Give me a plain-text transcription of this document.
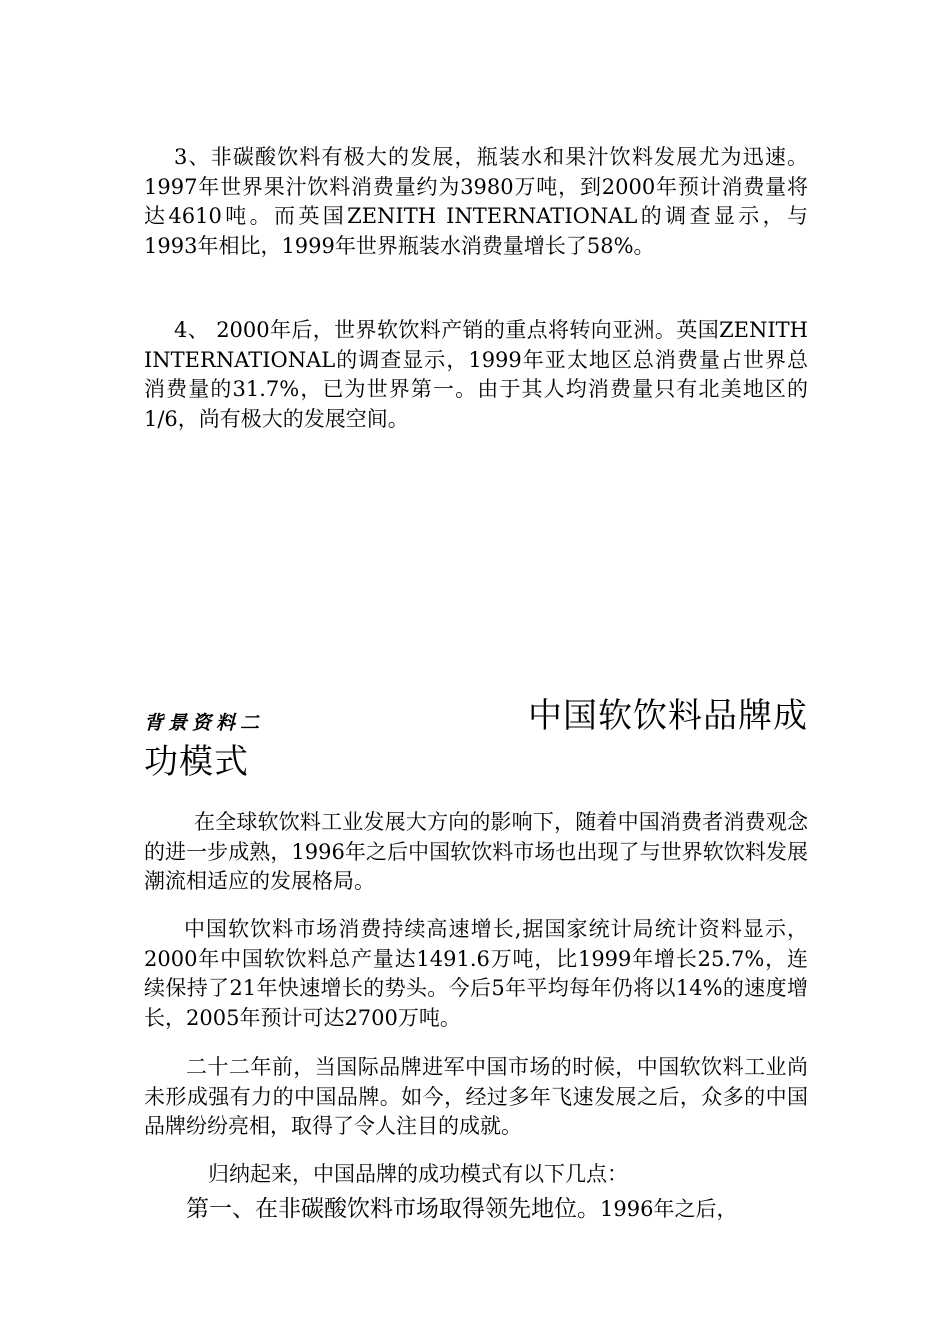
3、非碳酸饮料有极大的发展，瓶装水和果汁饮料发展尤为迅速。1997年世界果汁饮料消费量约为3980万吨，到2000年预计消费量将达4610吨。而英国ZENITH INTERNATIONAL的调查显示，与1993年相比，1999年世界瓶装水消费量增长了58%。

4、 2000年后，世界软饮料产销的重点将转向亚洲。英国ZENITH INTERNATIONAL的调查显示，1999年亚太地区总消费量占世界总消费量的31.7%，已为世界第一。由于其人均消费量只有北美地区的1/6，尚有极大的发展空间。

背景资料二	中国软饮料品牌成
功模式

在全球软饮料工业发展大方向的影响下，随着中国消费者消费观念的进一步成熟，1996年之后中国软饮料市场也出现了与世界软饮料发展潮流相适应的发展格局。

中国软饮料市场消费持续高速增长,据国家统计局统计资料显示，2000年中国软饮料总产量达1491.6万吨，比1999年增长25.7%，连续保持了21年快速增长的势头。今后5年平均每年仍将以14%的速度增长，2005年预计可达2700万吨。

二十二年前，当国际品牌进军中国市场的时候，中国软饮料工业尚未形成强有力的中国品牌。如今，经过多年飞速发展之后，众多的中国品牌纷纷亮相，取得了令人注目的成就。

归纳起来，中国品牌的成功模式有以下几点：

第一、在非碳酸饮料市场取得领先地位。1996年之后，
